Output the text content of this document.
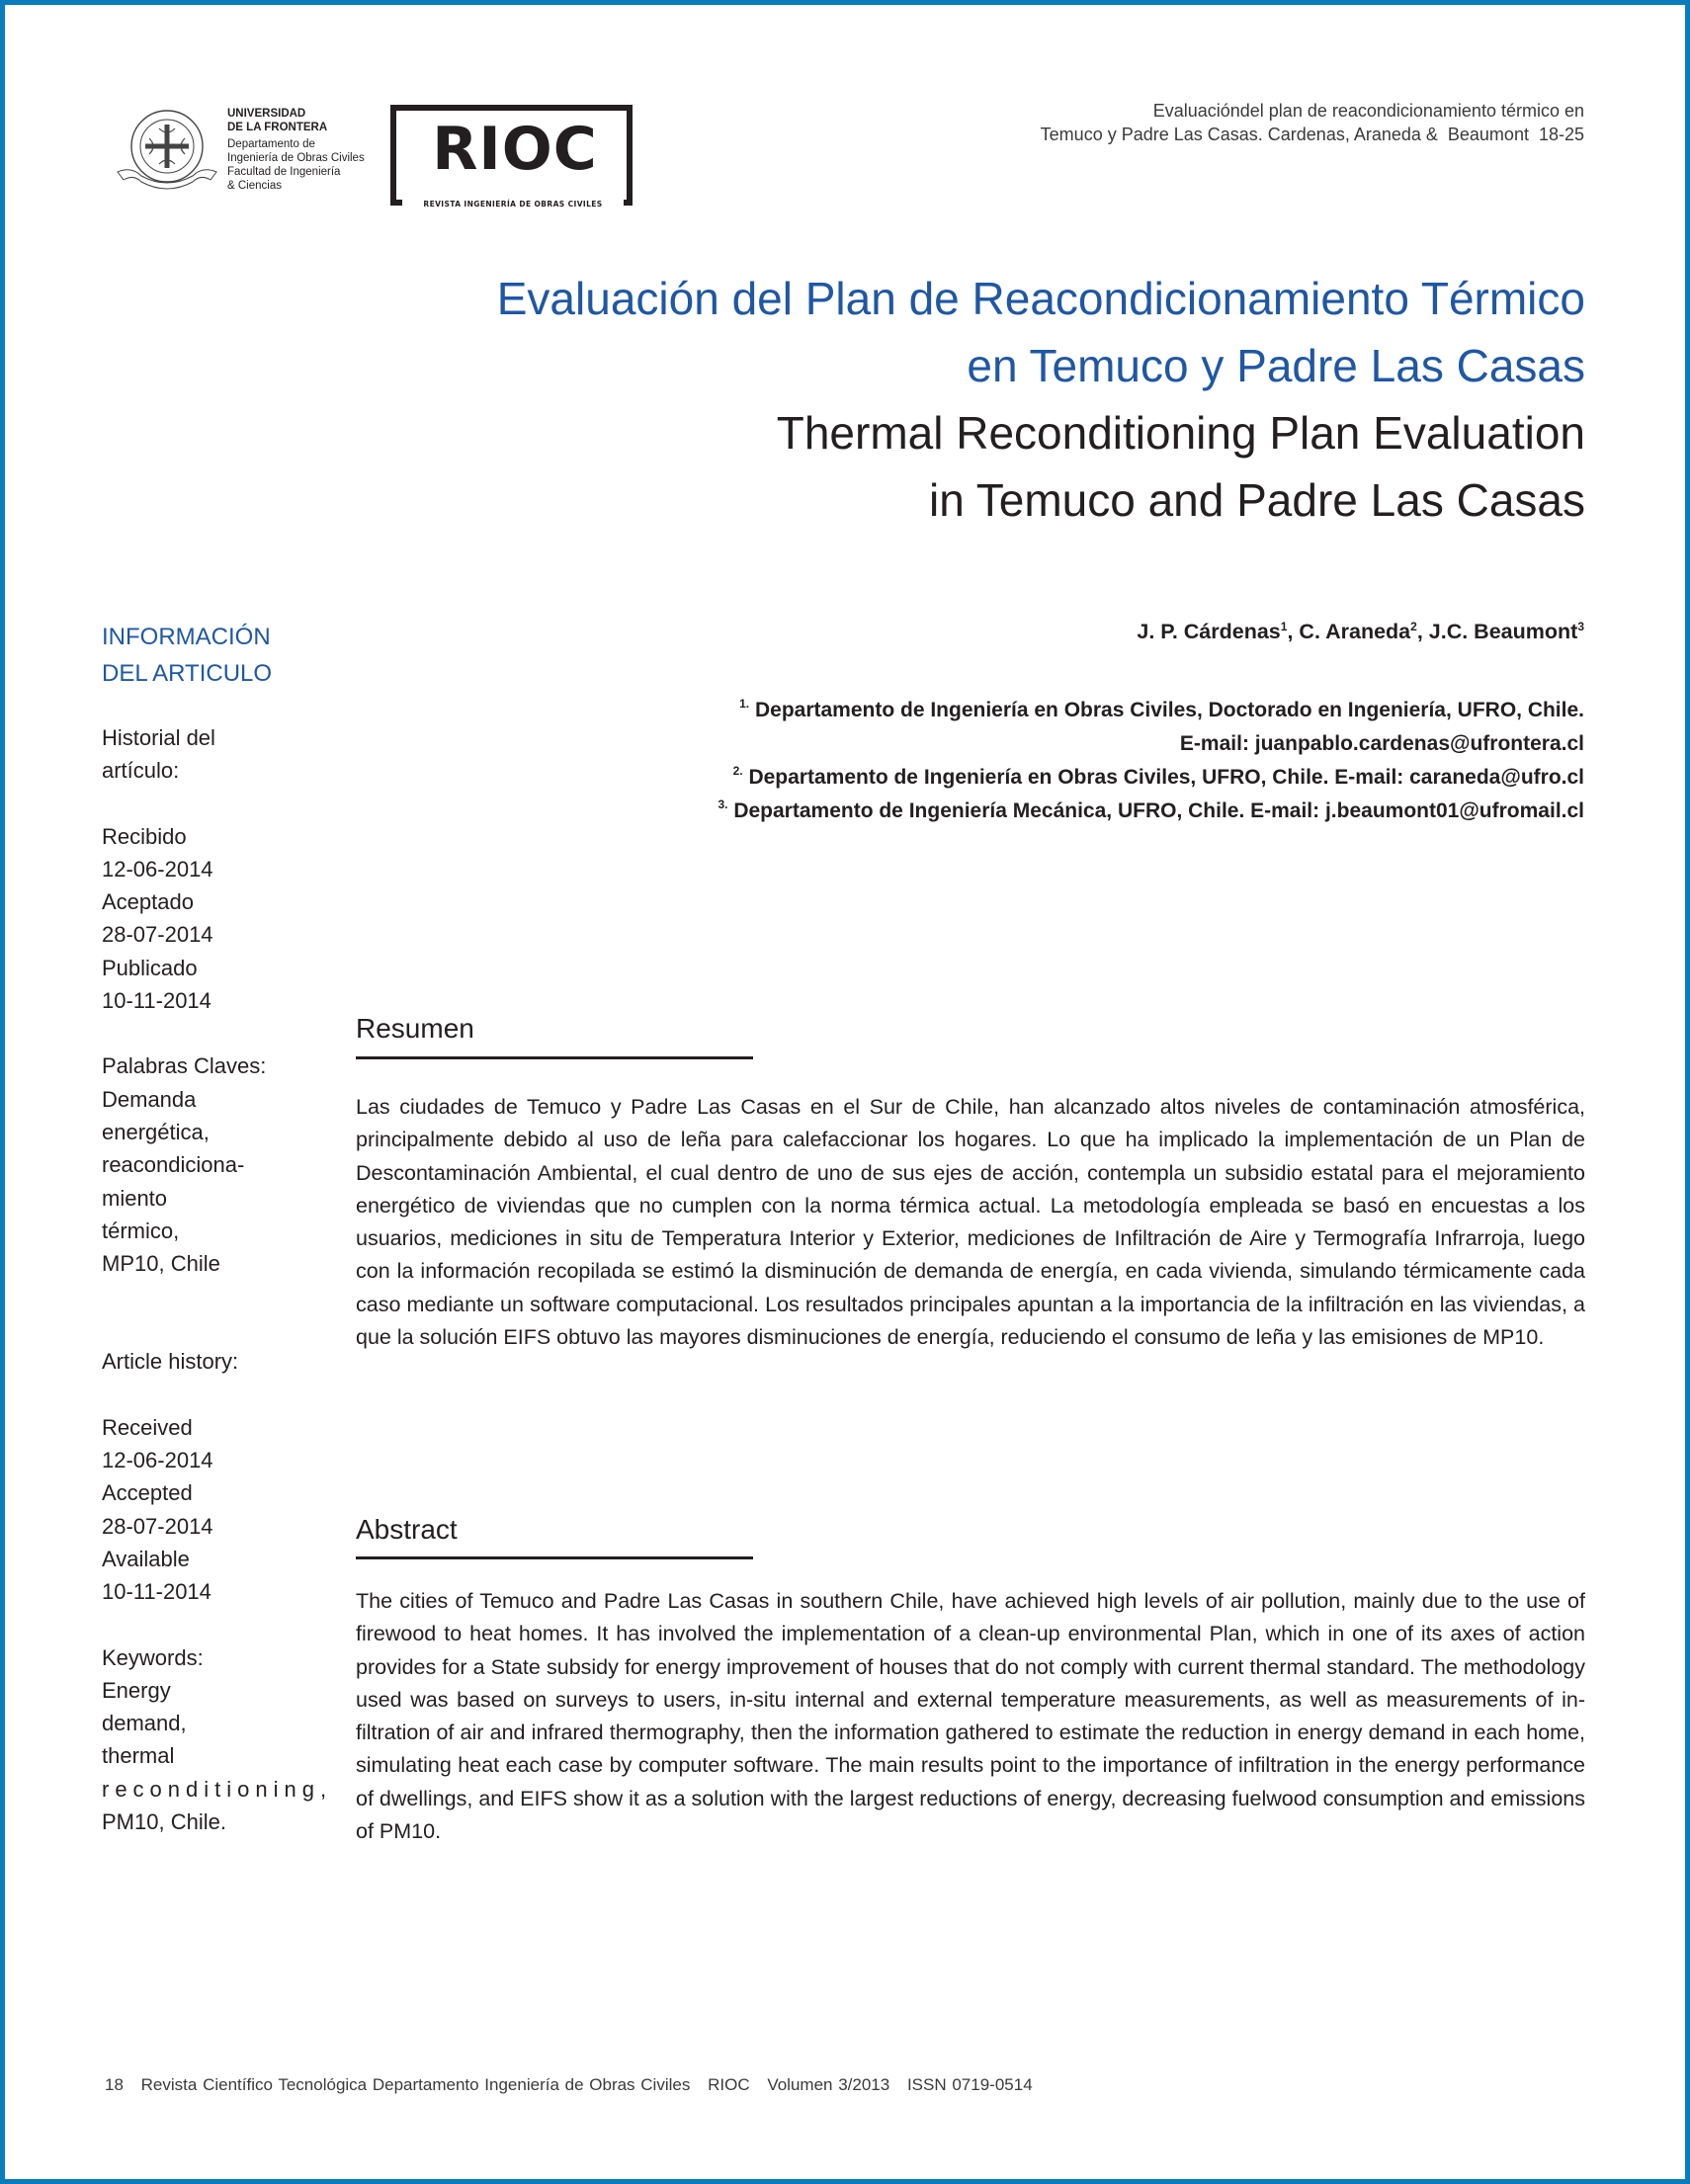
UNIVERSIDAD
DE LA FRONTERA
Departamento de
Ingeniería de Obras Civiles
Facultad de Ingeniería
& Ciencias
RIOC
REVISTA INGENIERÍA DE OBRAS CIVILES
Evaluacióndel plan de reacondicionamiento térmico en
Temuco y Padre Las Casas. Cardenas, Araneda &  Beaumont  18-25
Evaluación del Plan de Reacondicionamiento Térmico
en Temuco y Padre Las Casas
Thermal Reconditioning Plan Evaluation
in Temuco and Padre Las Casas
INFORMACIÓN
DEL ARTICULO
Historial del
artículo:
Recibido
12-06-2014
Aceptado
28-07-2014
Publicado
10-11-2014
Palabras Claves:
Demanda
energética,
reacondiciona-
miento
térmico,
MP10, Chile
Article history:
Received
12-06-2014
Accepted
28-07-2014
Available
10-11-2014
Keywords:
Energy
demand,
thermal
reconditioning,
PM10, Chile.
J. P. Cárdenas$^1$, C. Araneda$^2$, J.C. Beaumont$^3$
$^{1.}$ Departamento de Ingeniería en Obras Civiles, Doctorado en Ingeniería, UFRO, Chile.
E-mail: juanpablo.cardenas@ufrontera.cl
$^{2.}$ Departamento de Ingeniería en Obras Civiles, UFRO, Chile. E-mail: caraneda@ufro.cl
$^{3.}$ Departamento de Ingeniería Mecánica, UFRO, Chile. E-mail: j.beaumont01@ufromail.cl
Resumen
Las ciudades de Temuco y Padre Las Casas en el Sur de Chile, han alcanzado altos niveles de contaminación atmosférica, principalmente debido al uso de leña para calefaccionar los hogares. Lo que ha implicado la implementación de un Plan de Descontaminación Ambiental, el cual dentro de uno de sus ejes de acción, contempla un subsidio estatal para el mejoramiento energético de viviendas que no cumplen con la norma térmica actual. La metodología empleada se basó en encuestas a los usuarios, mediciones in situ de Temperatura Interior y Exterior, mediciones de Infiltración de Aire y Termografía Infrarroja, luego con la información recopilada se estimó la disminución de demanda de energía, en cada vivienda, simulando térmicamente cada caso mediante un software computacional. Los resultados principales apuntan a la importancia de la infiltración en las viviendas, a que la solución EIFS obtuvo las mayores disminuciones de energía, reduciendo el consumo de leña y las emisiones de MP10.
Abstract
The cities of Temuco and Padre Las Casas in southern Chile, have achieved high levels of air pollution, mainly due to the use of firewood to heat homes. It has involved the implementation of a clean-up environmental Plan, which in one of its axes of action provides for a State subsidy for energy improvement of houses that do not comply with current thermal standard. The methodology used was based on surveys to users, in-situ internal and external temperature measurements, as well as measurements of infiltration of air and infrared thermography, then the information gathered to estimate the reduction in energy demand in each home, simulating heat each case by computer software. The main results point to the importance of infiltration in the energy performance of dwellings, and EIFS show it as a solution with the largest reductions of energy, decreasing fuelwood consumption and emissions of PM10.
18 Revista Científico Tecnológica Departamento Ingeniería de Obras Civiles RIOC Volumen 3/2013 ISSN 0719-0514
